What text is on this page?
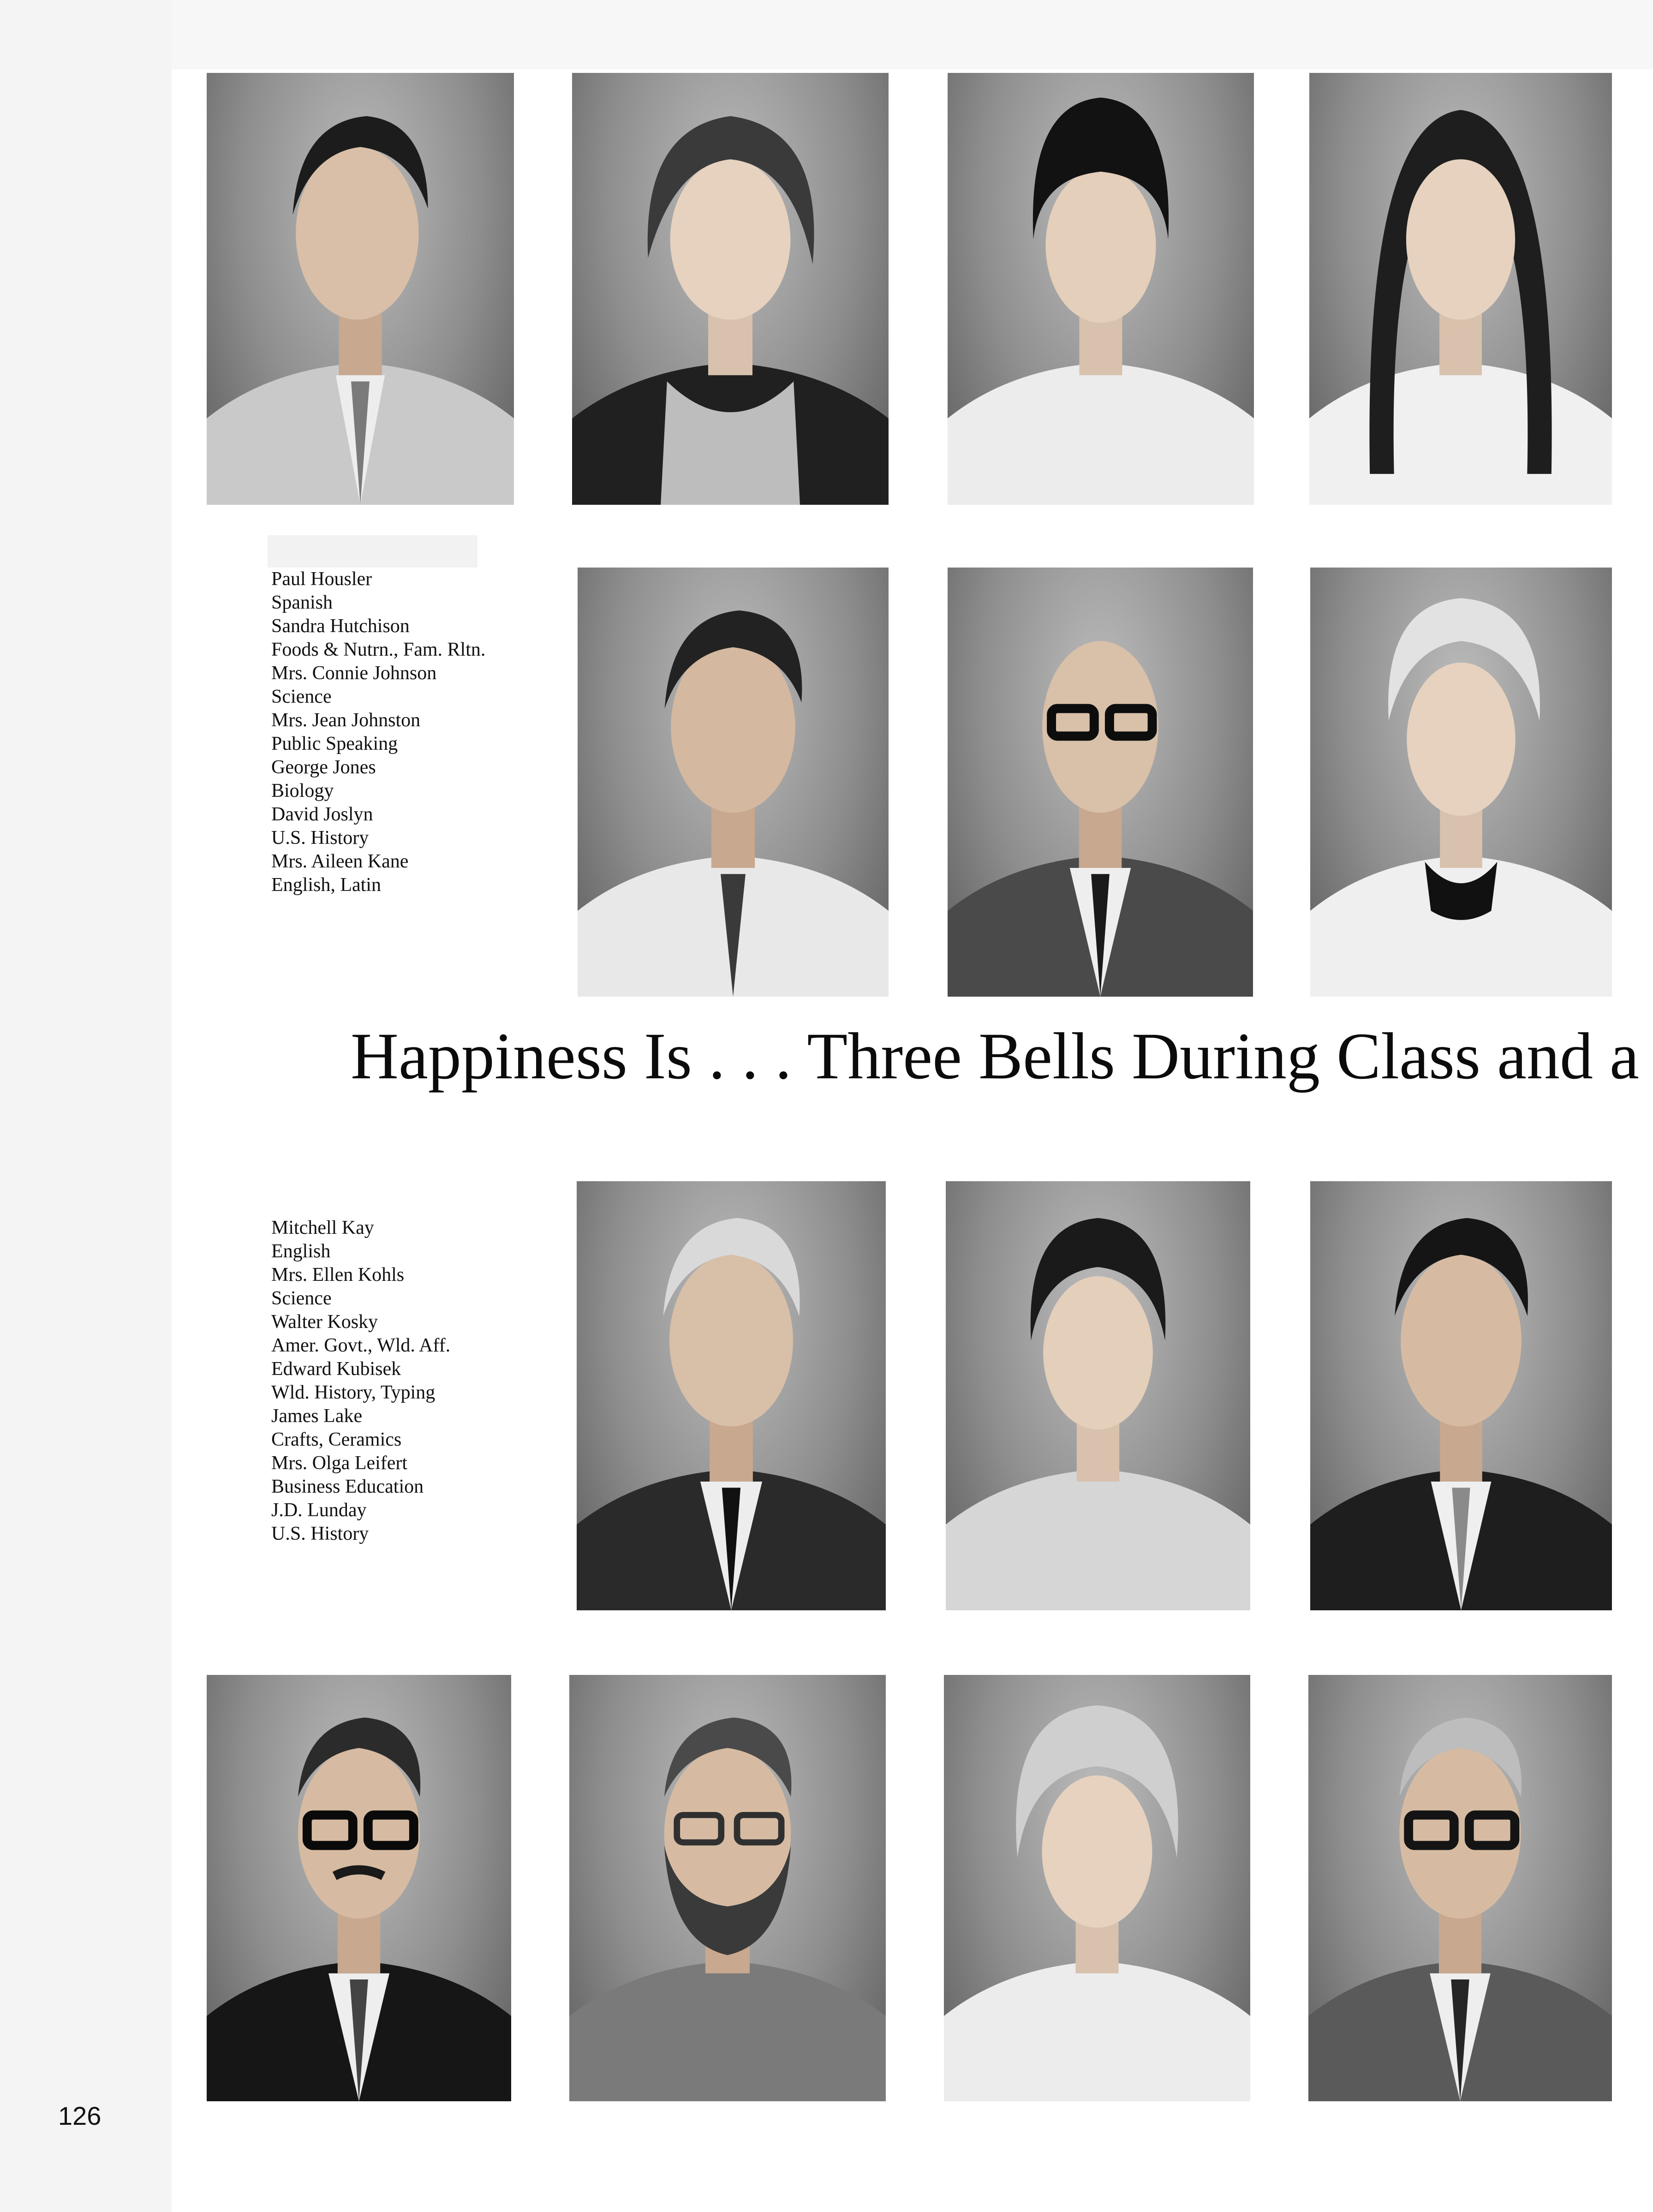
Paul Housler
Spanish
Sandra Hutchison
Foods & Nutrn., Fam. Rltn.
Mrs. Connie Johnson
Science
Mrs. Jean Johnston
Public Speaking
George Jones
Biology
David Joslyn
U.S. History
Mrs. Aileen Kane
English, Latin
Happiness Is . . . Three Bells During Class and a
Mitchell Kay
English
Mrs. Ellen Kohls
Science
Walter Kosky
Amer. Govt., Wld. Aff.
Edward Kubisek
Wld. History, Typing
James Lake
Crafts, Ceramics
Mrs. Olga Leifert
Business Education
J.D. Lunday
U.S. History
126
